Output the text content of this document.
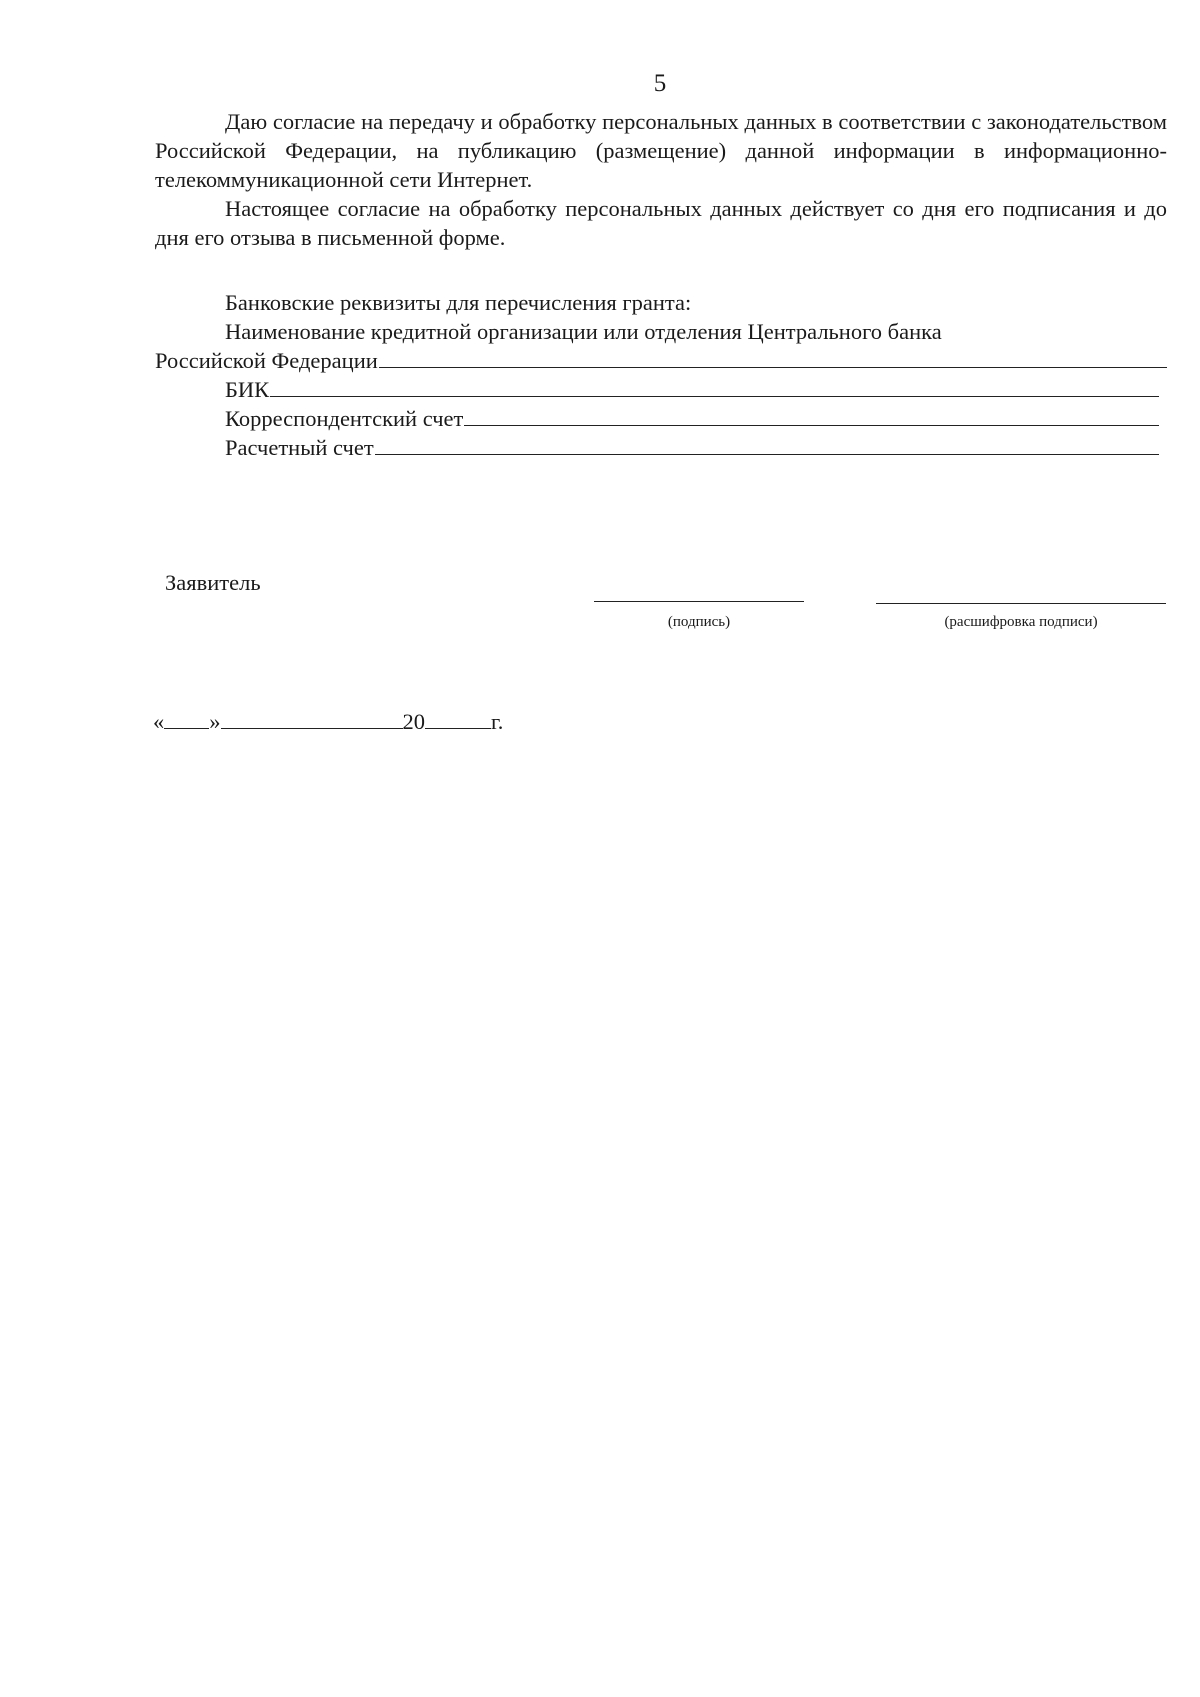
5

Даю согласие на передачу и обработку персональных данных в соответствии с законодательством Российской Федерации, на публикацию (размещение) данной информации в информационно-телекоммуникационной сети Интернет.

Настоящее согласие на обработку персональных данных действует со дня его подписания и до дня его отзыва в письменной форме.

Банковские реквизиты для перечисления гранта:

Наименование кредитной организации или отделения Центрального банка

Российской Федерации
БИК
Корреспондентский счет
Расчетный счет
Заявитель
(подпись)	(расшифровка подписи)
« »	20	г.
